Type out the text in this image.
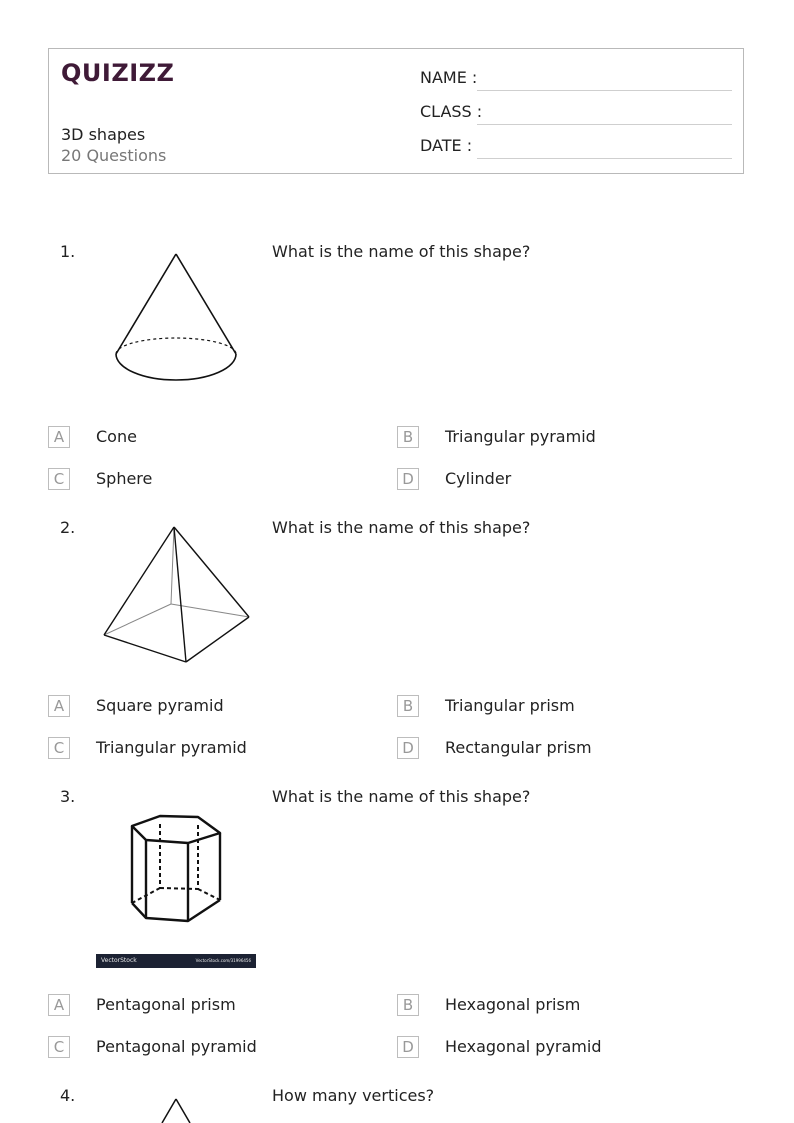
QUIZIZZ
3D shapes
20 Questions
NAME :
CLASS :
DATE :
1.	What is the name of this shape?
A	Cone	B	Triangular pyramid
C	Sphere	D	Cylinder
2.	What is the name of this shape?
A	Square pyramid	B	Triangular prism
C	Triangular pyramid	D	Rectangular prism
3.	What is the name of this shape?
VectorStock	VectorStock.com/31996456
A	Pentagonal prism	B	Hexagonal prism
C	Pentagonal pyramid	D	Hexagonal pyramid
4.	How many vertices?
